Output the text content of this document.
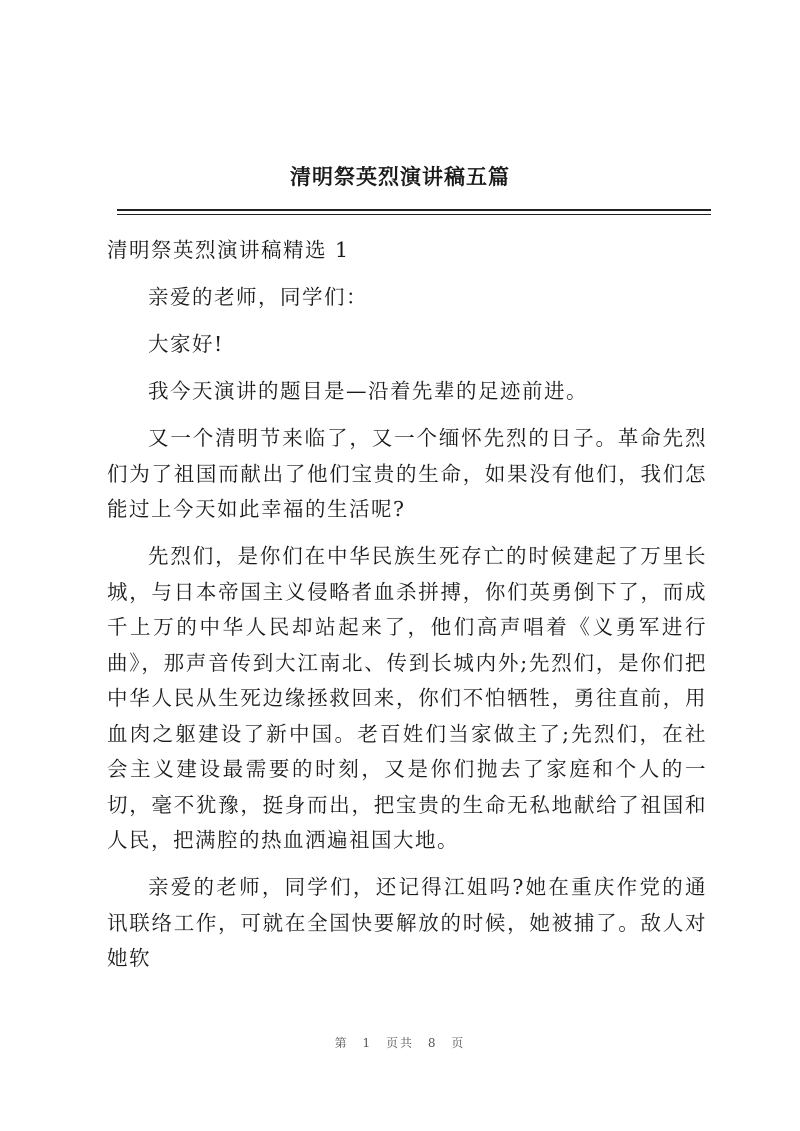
清明祭英烈演讲稿五篇

清明祭英烈演讲稿精选 1

亲爱的老师，同学们：

大家好!

我今天演讲的题目是—沿着先辈的足迹前进。

又一个清明节来临了，又一个缅怀先烈的日子。革命先烈们为了祖国而献出了他们宝贵的生命，如果没有他们，我们怎能过上今天如此幸福的生活呢?

先烈们，是你们在中华民族生死存亡的时候建起了万里长城，与日本帝国主义侵略者血杀拼搏，你们英勇倒下了，而成千上万的中华人民却站起来了，他们高声唱着《义勇军进行曲》，那声音传到大江南北、传到长城内外;先烈们，是你们把中华人民从生死边缘拯救回来，你们不怕牺牲，勇往直前，用血肉之躯建设了新中国。老百姓们当家做主了;先烈们，在社会主义建设最需要的时刻，又是你们抛去了家庭和个人的一切，毫不犹豫，挺身而出，把宝贵的生命无私地献给了祖国和人民，把满腔的热血洒遍祖国大地。

亲爱的老师，同学们，还记得江姐吗?她在重庆作党的通讯联络工作，可就在全国快要解放的时候，她被捕了。敌人对她软

第 1 页共 8 页
